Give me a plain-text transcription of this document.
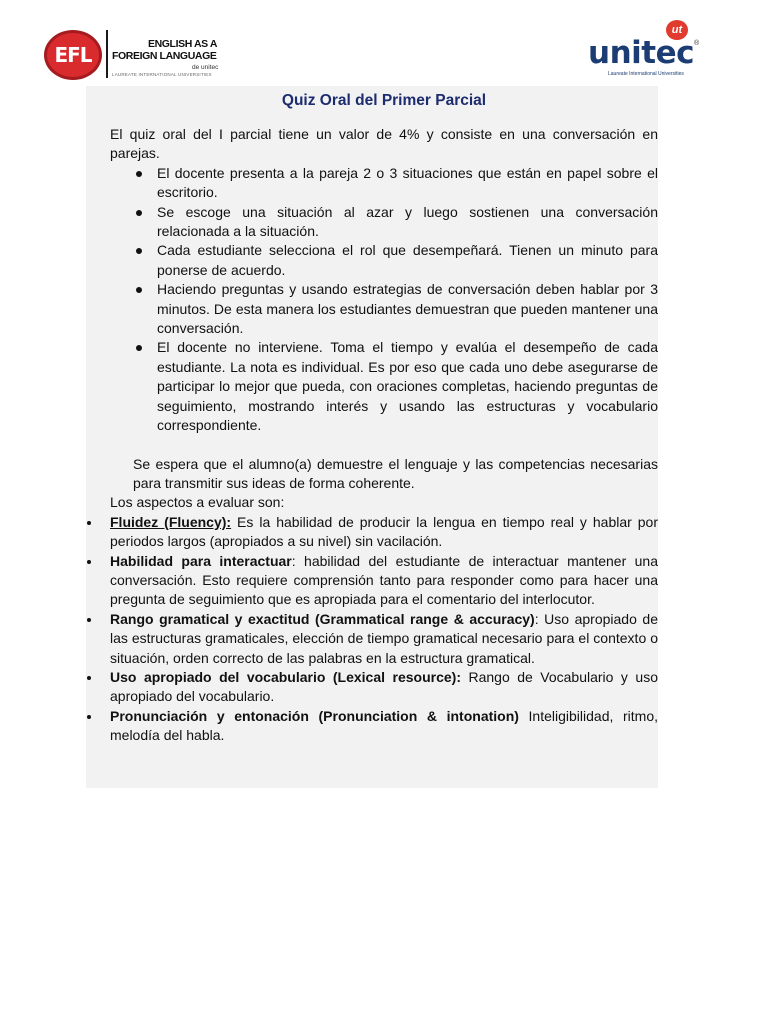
EFL	ENGLISH AS A
FOREIGN LANGUAGE
de unitec
LAUREATE INTERNATIONAL UNIVERSITIES
ut
®
unitec
Laureate International Universities
Quiz Oral del Primer Parcial

El quiz oral del I parcial tiene un valor de 4% y consiste en una conversación en parejas.

El docente presenta a la pareja 2 o 3 situaciones que están en papel sobre el escritorio.
Se escoge una situación al azar y luego sostienen una conversación relacionada a la situación.
Cada estudiante selecciona el rol que desempeñará. Tienen un minuto para ponerse de acuerdo.
Haciendo preguntas y usando estrategias de conversación deben hablar por 3 minutos. De esta manera los estudiantes demuestran que pueden mantener una conversación.
El docente no interviene. Toma el tiempo y evalúa el desempeño de cada estudiante. La nota es individual. Es por eso que cada uno debe asegurarse de participar lo mejor que pueda, con oraciones completas, haciendo preguntas de seguimiento, mostrando interés y usando las estructuras y vocabulario correspondiente.

Se espera que el alumno(a) demuestre el lenguaje y las competencias necesarias para transmitir sus ideas de forma coherente.

Los aspectos a evaluar son:

Fluidez (Fluency): Es la habilidad de producir la lengua en tiempo real y hablar por periodos largos (apropiados a su nivel) sin vacilación.
Habilidad para interactuar: habilidad del estudiante de interactuar mantener una conversación. Esto requiere comprensión tanto para responder como para hacer una pregunta de seguimiento que es apropiada para el comentario del interlocutor.
Rango gramatical y exactitud (Grammatical range & accuracy): Uso apropiado de las estructuras gramaticales, elección de tiempo gramatical necesario para el contexto o situación, orden correcto de las palabras en la estructura gramatical.
Uso apropiado del vocabulario (Lexical resource): Rango de Vocabulario y uso apropiado del vocabulario.
Pronunciación y entonación (Pronunciation & intonation) Inteligibilidad, ritmo, melodía del habla.
